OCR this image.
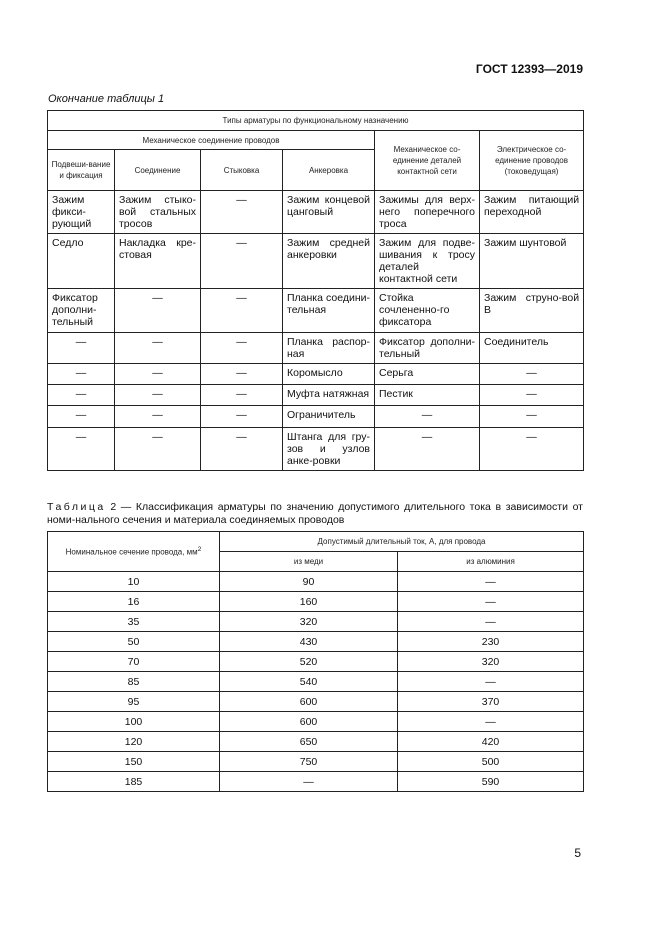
ГОСТ 12393—2019
Окончание таблицы 1
Типы арматуры по функциональному назначению					
Механическое соединение проводов				Механическое со-единение деталей контактной сети	Электрическое со-единение проводов (токоведущая)
Подвеши-вание и фиксация	Соединение	Стыковка	Анкеровка		
Зажим фикси-рующий	Зажим стыко-вой стальных тросов	—	Зажим концевой цанговый	Зажимы для верх-него поперечного троса	Зажим питающий переходной
Седло	Накладка кре-стовая	—	Зажим средней анкеровки	Зажим для подве-шивания к тросу деталей контактной сети	Зажим шунтовой
Фиксатор дополни-тельный	—	—	Планка соедини-тельная	Стойка сочлененно-го фиксатора	Зажим струно-вой В
—	—	—	Планка распор-ная	Фиксатор дополни-тельный	Соединитель
—	—	—	Коромысло	Серьга	—
—	—	—	Муфта натяжная	Пестик	—
—	—	—	Ограничитель	—	—
—	—	—	Штанга для гру-зов и узлов анке-ровки	—	—
Таблица 2 — Классификация арматуры по значению допустимого длительного тока в зависимости от номи-нального сечения и материала соединяемых проводов
Номинальное сечение провода, $мм^2$	Допустимый длительный ток, А, для провода	
	из меди	из алюминия
10	90	—
16	160	—
35	320	—
50	430	230
70	520	320
85	540	—
95	600	370
100	600	—
120	650	420
150	750	500
185	—	590
5
